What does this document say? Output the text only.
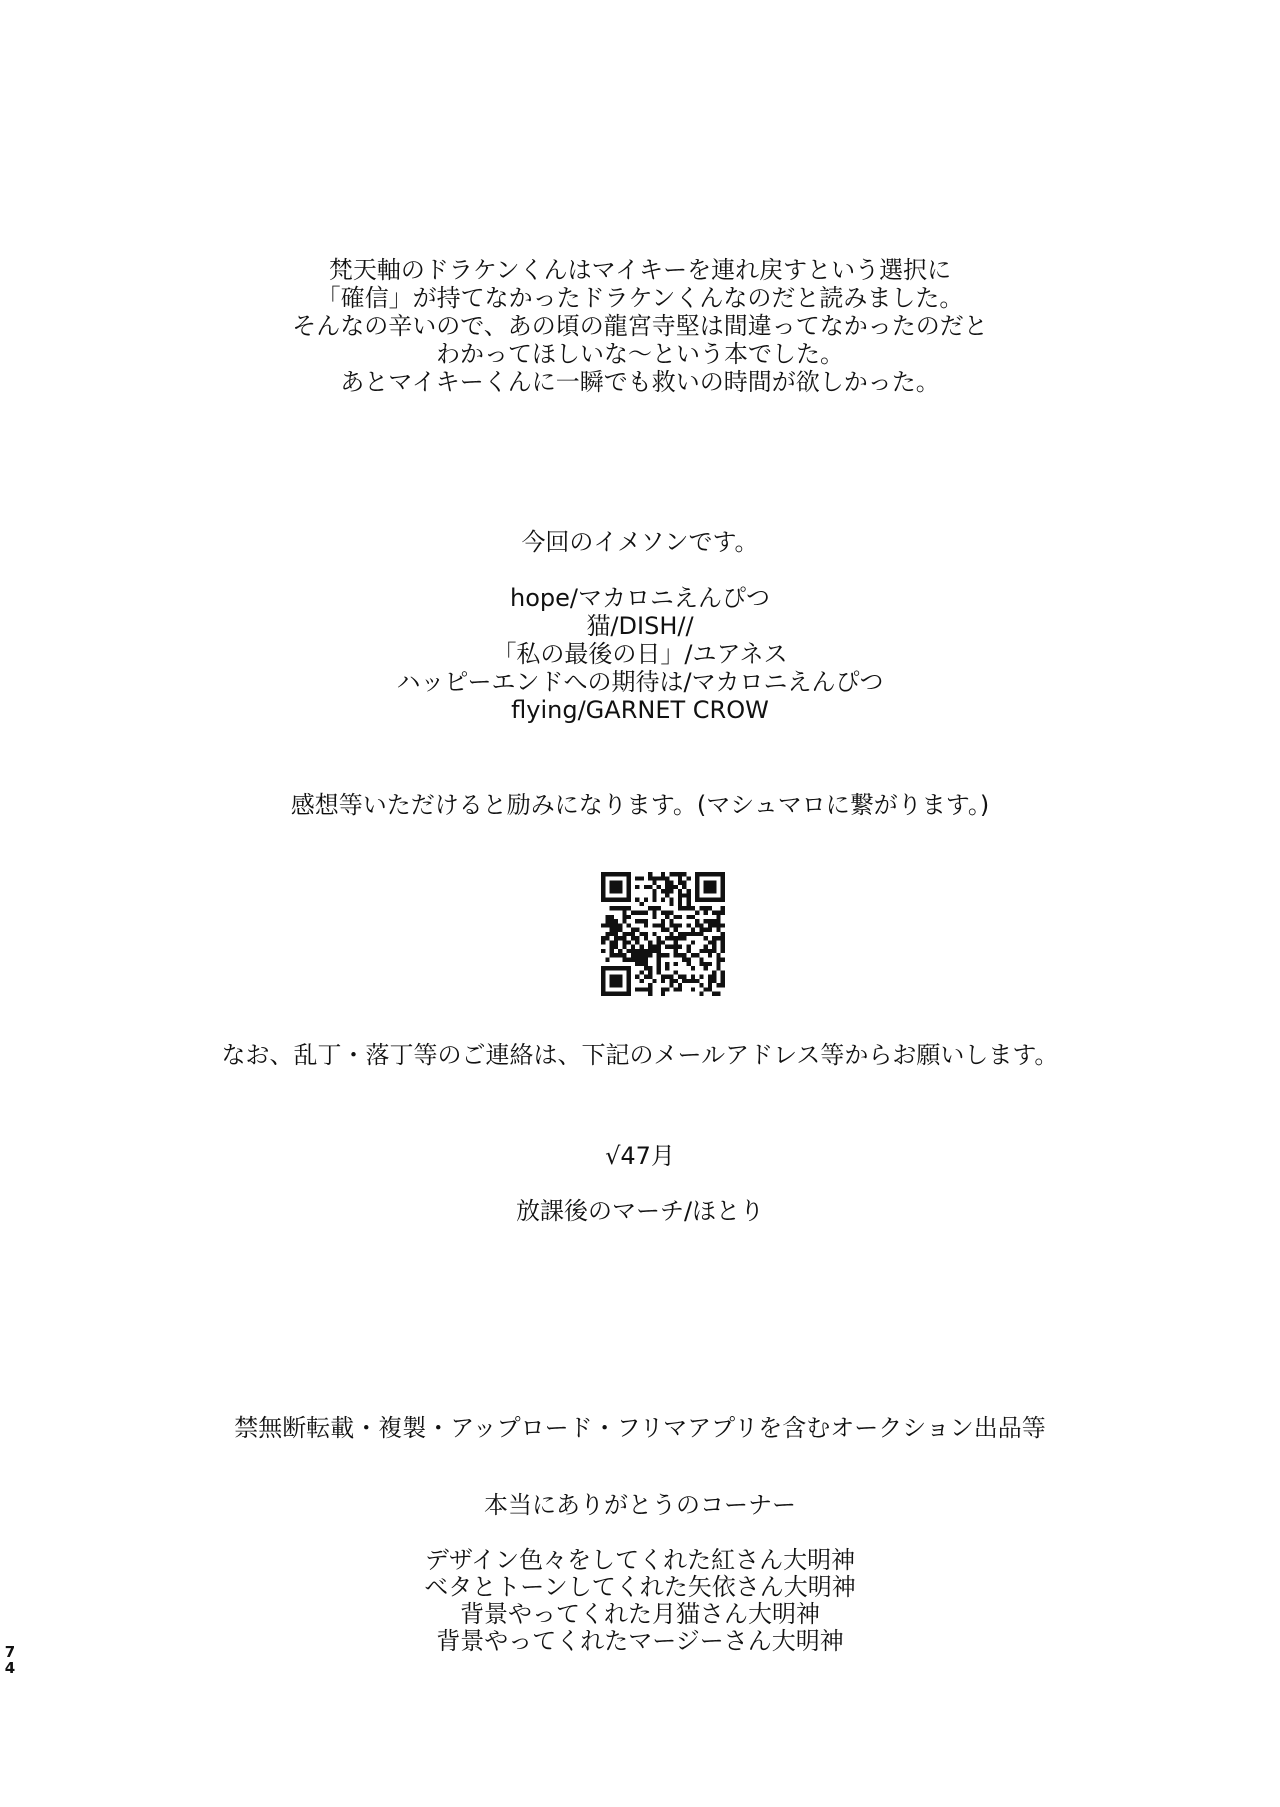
梵天軸のドラケンくんはマイキーを連れ戻すという選択に
「確信」が持てなかったドラケンくんなのだと読みました。
そんなの辛いので、あの頃の龍宮寺堅は間違ってなかったのだと
わかってほしいな〜という本でした。
あとマイキーくんに一瞬でも救いの時間が欲しかった。
今回のイメソンです。
hope/マカロニえんぴつ
猫/DISH//
「私の最後の日」/ユアネス
ハッピーエンドへの期待は/マカロニえんぴつ
flying/GARNET CROW
感想等いただけると励みになります。(マシュマロに繋がります。)
なお、乱丁・落丁等のご連絡は、下記のメールアドレス等からお願いします。
√47月
放課後のマーチ/ほとり
禁無断転載・複製・アップロード・フリマアプリを含むオークション出品等
本当にありがとうのコーナー
デザイン色々をしてくれた紅さん大明神
ベタとトーンしてくれた矢依さん大明神
背景やってくれた月猫さん大明神
背景やってくれたマージーさん大明神
7
4
